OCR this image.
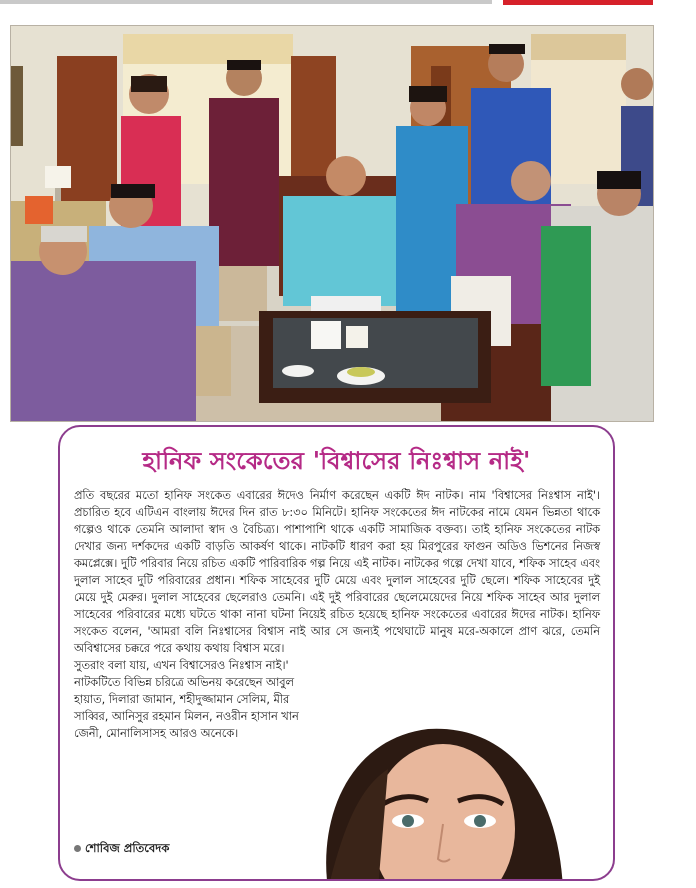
হানিফ সংকেতের 'বিশ্বাসের নিঃশ্বাস নাই'
প্রতি বছরের মতো হানিফ সংকেত এবারের ঈদেও নির্মাণ করেছেন একটি ঈদ নাটক। নাম 'বিশ্বাসের নিঃশ্বাস নাই'। প্রচারিত হবে এটিএন বাংলায় ঈদের দিন রাত ৮:৩০ মিনিটে। হানিফ সংকেতের ঈদ নাটকের নামে যেমন ভিন্নতা থাকে গল্পেও থাকে তেমনি আলাদা স্বাদ ও বৈচিত্র্য। পাশাপাশি থাকে একটি সামাজিক বক্তব্য। তাই হানিফ সংকেতের নাটক দেখার জন্য দর্শকদের একটি বাড়তি আকর্ষণ থাকে। নাটকটি ধারণ করা হয় মিরপুরের ফাগুন অডিও ভিশনের নিজস্ব কমপ্লেক্সে। দুটি পরিবার নিয়ে রচিত একটি পারিবারিক গল্প নিয়ে এই নাটক। নাটকের গল্পে দেখা যাবে, শফিক সাহেব এবং দুলাল সাহেব দুটি পরিবারের প্রধান। শফিক সাহেবের দুটি মেয়ে এবং দুলাল সাহেবের দুটি ছেলে। শফিক সাহেবের দুই মেয়ে দুই মেরুর। দুলাল সাহেবের ছেলেরাও তেমনি। এই দুই পরিবারের ছেলেমেয়েদের নিয়ে শফিক সাহেব আর দুলাল সাহেবের পরিবারের মধ্যে ঘটতে থাকা নানা ঘটনা নিয়েই রচিত হয়েছে হানিফ সংকেতের এবারের ঈদের নাটক। হানিফ সংকেত বলেন, 'আমরা বলি নিঃশ্বাসের বিশ্বাস নাই আর সে জন্যই পথেঘাটে মানুষ মরে-অকালে প্রাণ ঝরে, তেমনি অবিশ্বাসের চক্করে পরে কথায় কথায় বিশ্বাস মরে।
সুতরাং বলা যায়, এখন বিশ্বাসেরও নিঃশ্বাস নাই।' নাটকটিতে বিভিন্ন চরিত্রে অভিনয় করেছেন আবুল হায়াত, দিলারা জামান, শহীদুজ্জামান সেলিম, মীর সাব্বির, আনিসুর রহমান মিলন, নওরীন হাসান খান জেনী, মোনালিসাসহ আরও অনেকে।
শোবিজ প্রতিবেদক
